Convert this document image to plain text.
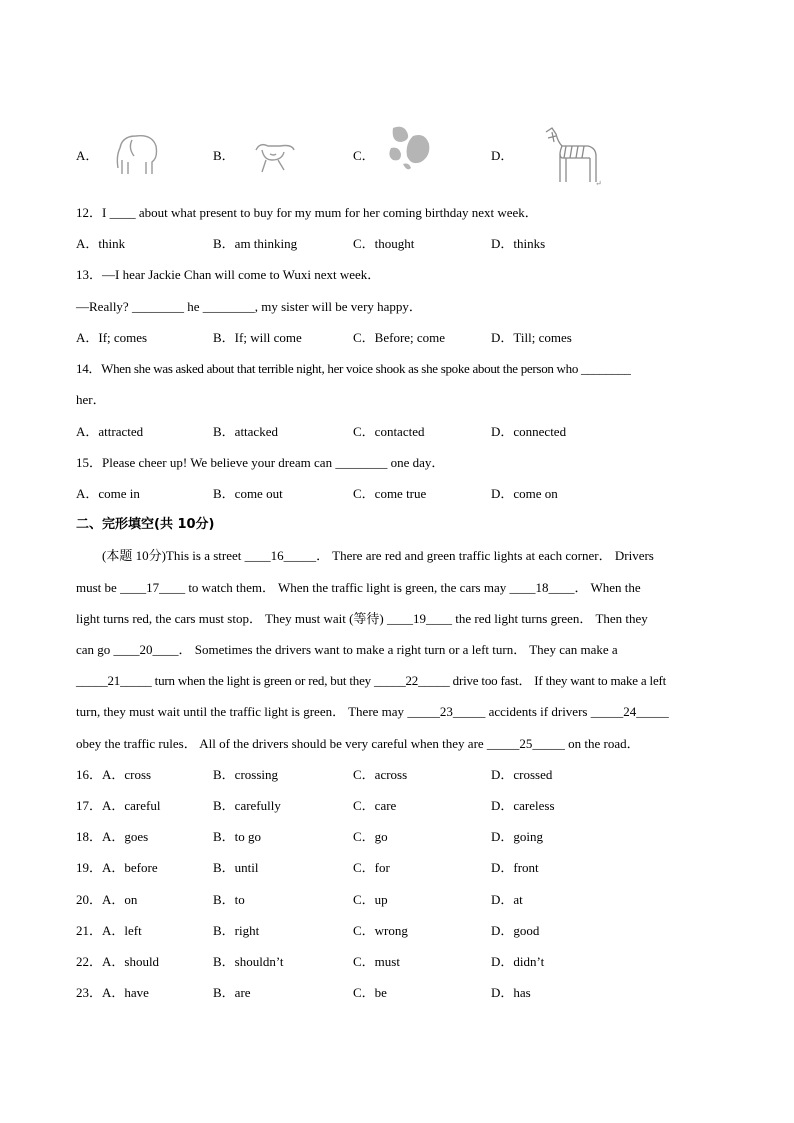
A．	B．	C．	D．
↵
12．I ____ about what present to buy for my mum for her coming birthday next week．
A．think	B．am thinking	C．thought	D．thinks
13．—I hear Jackie Chan will come to Wuxi next week．
—Really? ________ he ________, my sister will be very happy．
A．If; comes	B．If; will come	C．Before; come	D．Till; comes
14．When she was asked about that terrible night, her voice shook as she spoke about the person who ________
her．
A．attracted	B．attacked	C．contacted	D．connected
15．Please cheer up! We believe your dream can ________ one day．
A．come in	B．come out	C．come true	D．come on
二、完形填空(共 10分)
(本题 10分)This is a street ____16_____． There are red and green traffic lights at each corner． Drivers
must be ____17____ to watch them． When the traffic light is green, the cars may ____18____． When the
light turns red, the cars must stop． They must wait (等待) ____19____ the red light turns green． Then they
can go ____20____． Sometimes the drivers want to make a right turn or a left turn． They can make a
_____21_____ turn when the light is green or red, but they _____22_____ drive too fast． If they want to make a left
turn, they must wait until the traffic light is green． There may _____23_____ accidents if drivers _____24_____
obey the traffic rules． All of the drivers should be very careful when they are _____25_____ on the road．
16．A．cross	B．crossing	C．across	D．crossed
17．A．careful	B．carefully	C．care	D．careless
18．A．goes	B．to go	C．go	D．going
19．A．before	B．until	C．for	D．front
20．A．on	B．to	C．up	D．at
21．A．left	B．right	C．wrong	D．good
22．A．should	B．shouldn’t	C．must	D．didn’t
23．A．have	B．are	C．be	D．has
